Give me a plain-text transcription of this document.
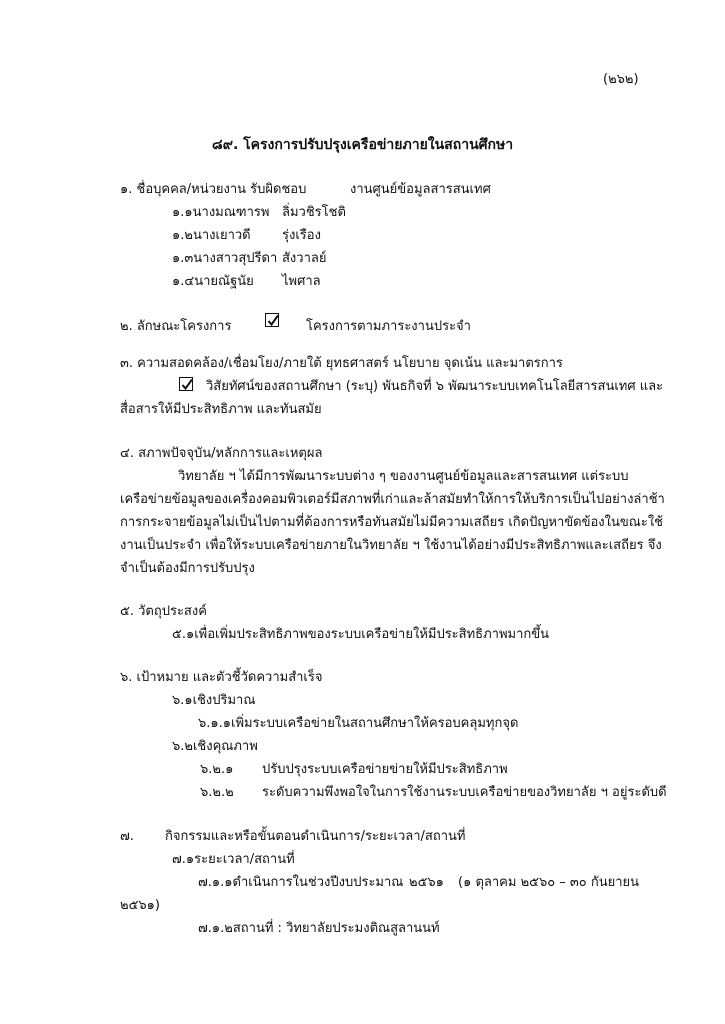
(๒๖๒)
๘๙. โครงการปรับปรุงเครือข่ายภายในสถานศึกษา
๑. ชื่อบุคคล/หน่วยงาน รับผิดชอบ	งานศูนย์ข้อมูลสารสนเทศ
๑.๑นางมณฑารพ ลิ่มวชิรโชติ
๑.๒นางเยาวดี รุ่งเรือง
๑.๓นางสาวสุปรีดา สังวาลย์
๑.๔นายณัฐนัย ไพศาล
๒. ลักษณะโครงการ	โครงการตามภาระงานประจำ
๓. ความสอดคล้อง/เชื่อมโยง/ภายใต้ ยุทธศาสตร์ นโยบาย จุดเน้น และมาตรการ
วิสัยทัศน์ของสถานศึกษา (ระบุ) พันธกิจที่ ๖ พัฒนาระบบเทคโนโลยีสารสนเทศ และ
สื่อสารให้มีประสิทธิภาพ และทันสมัย
๔. สภาพปัจจุบัน/หลักการและเหตุผล
วิทยาลัย ฯ ได้มีการพัฒนาระบบต่าง ๆ ของงานศูนย์ข้อมูลและสารสนเทศ แต่ระบบ
เครือข่ายข้อมูลของเครื่องคอมพิวเตอร์มีสภาพที่เก่าและล้าสมัยทำให้การให้บริการเป็นไปอย่างล่าช้า
การกระจายข้อมูลไม่เป็นไปตามที่ต้องการหรือทันสมัยไม่มีความเสถียร เกิดปัญหาขัดข้องในขณะใช้
งานเป็นประจำ เพื่อให้ระบบเครือข่ายภายในวิทยาลัย ฯ ใช้งานได้อย่างมีประสิทธิภาพและเสถียร จึง
จำเป็นต้องมีการปรับปรุง
๕. วัตถุประสงค์
๕.๑เพื่อเพิ่มประสิทธิภาพของระบบเครือข่ายให้มีประสิทธิภาพมากขึ้น
๖. เป้าหมาย และตัวชี้วัดความสำเร็จ
๖.๑เชิงปริมาณ
๖.๑.๑เพิ่มระบบเครือข่ายในสถานศึกษาให้ครอบคลุมทุกจุด
๖.๒เชิงคุณภาพ
๖.๒.๑ ปรับปรุงระบบเครือข่ายข่ายให้มีประสิทธิภาพ
๖.๒.๒ ระดับความพึงพอใจในการใช้งานระบบเครือข่ายของวิทยาลัย ฯ อยู่ระดับดี
๗. กิจกรรมและหรือขั้นตอนดำเนินการ/ระยะเวลา/สถานที่
๗.๑ระยะเวลา/สถานที่
๗.๑.๑ดำเนินการในช่วงปีงบประมาณ ๒๕๖๑ (๑ ตุลาคม ๒๕๖๐ – ๓๐ กันยายน
๒๕๖๑)
๗.๑.๒สถานที่ : วิทยาลัยประมงติณสูลานนท์
